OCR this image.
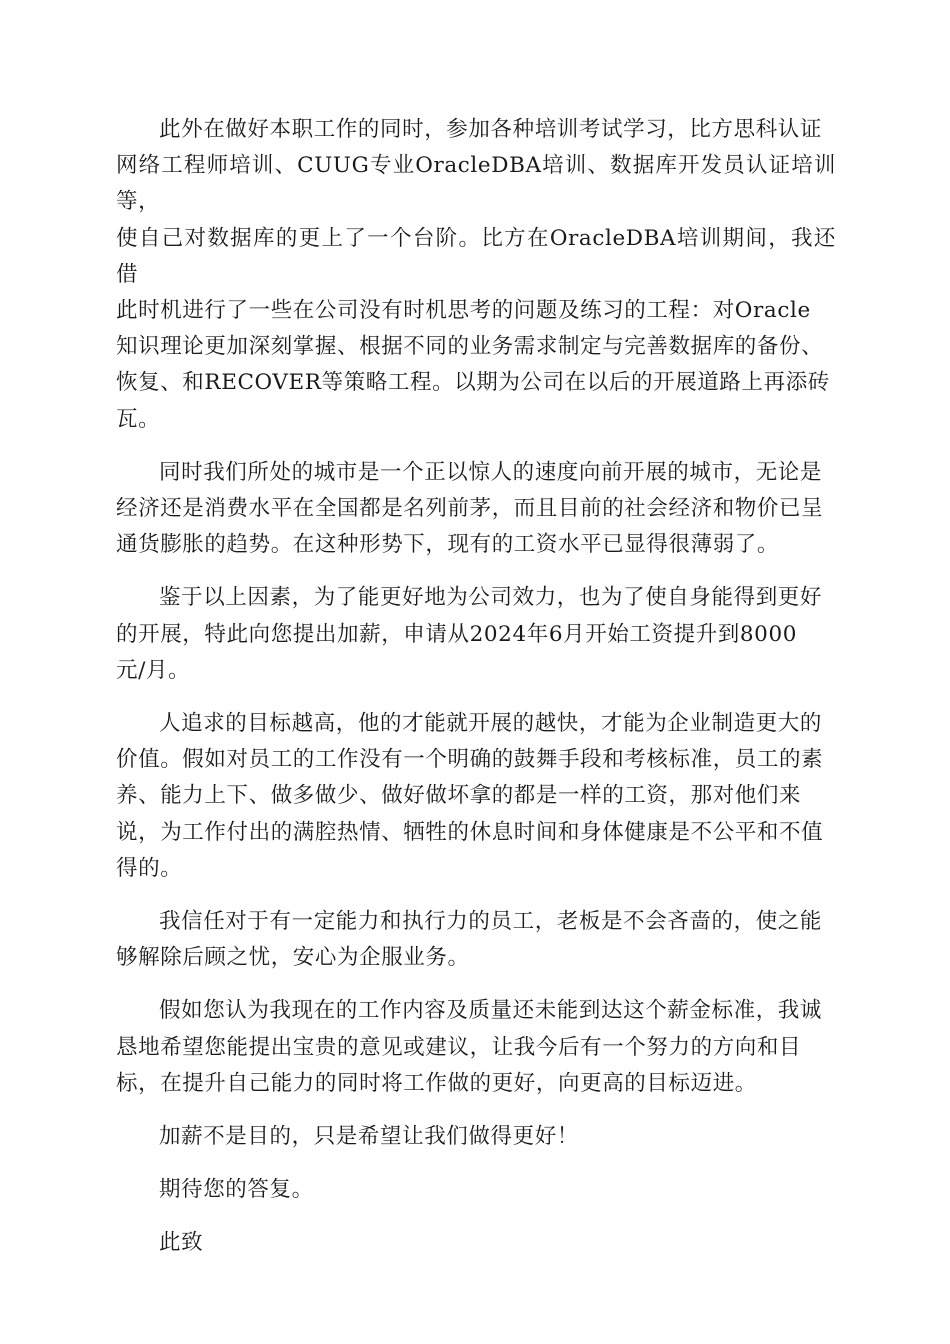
此外在做好本职工作的同时，参加各种培训考试学习，比方思科认证
网络工程师培训、CUUG专业OracleDBA培训、数据库开发员认证培训等，
使自己对数据库的更上了一个台阶。比方在OracleDBA培训期间，我还借
此时机进行了一些在公司没有时机思考的问题及练习的工程：对Oracle
知识理论更加深刻掌握、根据不同的业务需求制定与完善数据库的备份、
恢复、和RECOVER等策略工程。以期为公司在以后的开展道路上再添砖
瓦。

同时我们所处的城市是一个正以惊人的速度向前开展的城市，无论是
经济还是消费水平在全国都是名列前茅，而且目前的社会经济和物价已呈
通货膨胀的趋势。在这种形势下，现有的工资水平已显得很薄弱了。

鉴于以上因素，为了能更好地为公司效力，也为了使自身能得到更好
的开展，特此向您提出加薪，申请从2024年6月开始工资提升到8000
元/月。

人追求的目标越高，他的才能就开展的越快，才能为企业制造更大的
价值。假如对员工的工作没有一个明确的鼓舞手段和考核标准，员工的素
养、能力上下、做多做少、做好做坏拿的都是一样的工资，那对他们来
说，为工作付出的满腔热情、牺牲的休息时间和身体健康是不公平和不值
得的。

我信任对于有一定能力和执行力的员工，老板是不会吝啬的，使之能
够解除后顾之忧，安心为企服业务。

假如您认为我现在的工作内容及质量还未能到达这个薪金标准，我诚
恳地希望您能提出宝贵的意见或建议，让我今后有一个努力的方向和目
标，在提升自己能力的同时将工作做的更好，向更高的目标迈进。

加薪不是目的，只是希望让我们做得更好！

期待您的答复。

此致
